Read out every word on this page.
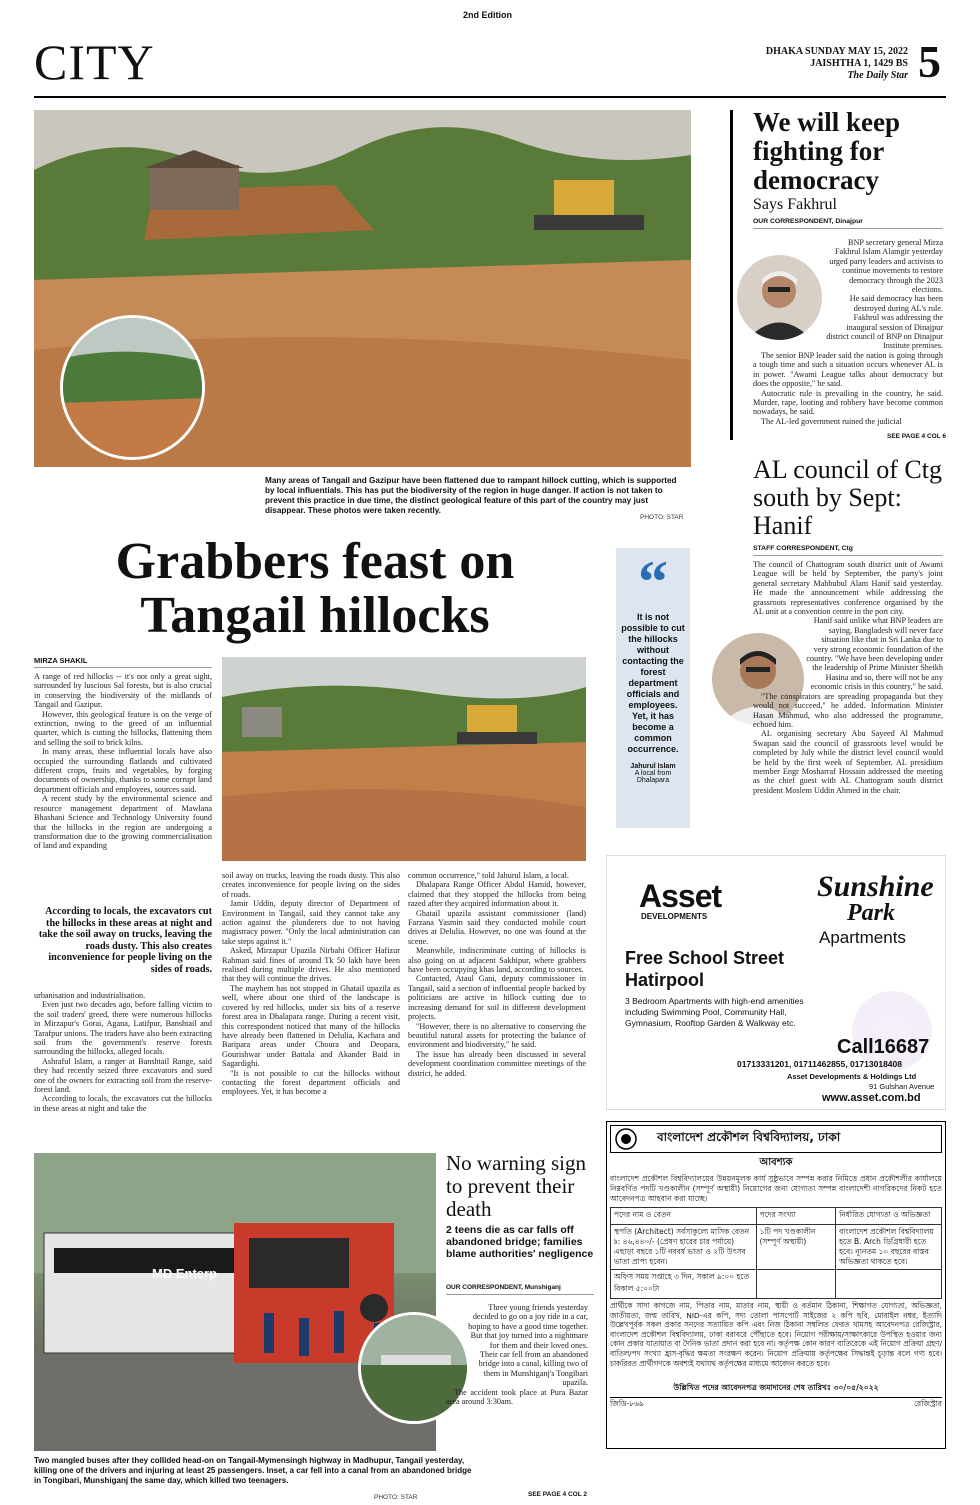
2nd Edition
CITY	DHAKA SUNDAY MAY 15, 2022
JAISHTHA 1, 1429 BS
The Daily Star 5
Many areas of Tangail and Gazipur have been flattened due to rampant hillock cutting, which is supported by local influentials. This has put the biodiversity of the region in huge danger. If action is not taken to prevent this practice in due time, the distinct geological feature of this part of the country may just disappear. These photos were taken recently.
PHOTO: STAR
Grabbers feast on Tangail hillocks
“
It is not possible to cut the hillocks without contacting the forest department officials and employees. Yet, it has become a common occurrence.
Jahurul Islam
A local from Dhalapara
MIRZA SHAKIL

A range of red hillocks -- it's not only a great sight, surrounded by luscious Sal forests, but is also crucial in conserving the biodiversity of the midlands of Tangail and Gazipur.

However, this geological feature is on the verge of extinction, owing to the greed of an influential quarter, which is cutting the hillocks, flattening them and selling the soil to brick kilns.

In many areas, these influential locals have also occupied the surrounding flatlands and cultivated different crops, fruits and vegetables, by forging documents of ownership, thanks to some corrupt land department officials and employees, sources said.

A recent study by the environmental science and resource management department of Mawlana Bhashani Science and Technology University found that the hillocks in the region are undergoing a transformation due to the growing commercialisation of land and expanding

According to locals, the excavators cut the hillocks in these areas at night and take the soil away on trucks, leaving the roads dusty. This also creates inconvenience for people living on the sides of roads.

urbanisation and industrialisation.

Even just two decades ago, before falling victim to the soil traders' greed, there were numerous hillocks in Mirzapur's Gorai, Agana, Latifpur, Banshtail and Tarafpur unions. The traders have also been extracting soil from the government's reserve forests surrounding the hillocks, alleged locals.

Ashraful Islam, a ranger at Banshtail Range, said they had recently seized three excavators and sued one of the owners for extracting soil from the reserve-forest land.

According to locals, the excavators cut the hillocks in these areas at night and take the

soil away on trucks, leaving the roads dusty. This also creates inconvenience for people living on the sides of roads.

Jamir Uddin, deputy director of Department of Environment in Tangail, said they cannot take any action against the plunderers due to not having magistracy power. "Only the local administration can take steps against it."

Asked, Mirzapur Upazila Nirbahi Officer Hafizur Rahman said fines of around Tk 50 lakh have been realised during multiple drives. He also mentioned that they will continue the drives.

The mayhem has not stopped in Ghatail upazila as well, where about one third of the landscape is covered by red hillocks, under six bits of a reserve forest area in Dhalapara range. During a recent visit, this correspondent noticed that many of the hillocks have already been flattened in Delulia, Kachara and Baripara areas under Choura and Deopara, Gourishwar under Battala and Akander Baid in Sagardighi.

"It is not possible to cut the hillocks without contacting the forest department officials and employees. Yet, it has become a

common occurrence," told Jahurul Islam, a local.

Dhalapara Range Officer Abdul Hamid, however, claimed that they stopped the hillocks from being razed after they acquired information about it.

Ghatail upazila assistant commissioner (land) Farzana Yasmin said they conducted mobile court drives at Delulia. However, no one was found at the scene.

Meanwhile, indiscriminate cutting of hillocks is also going on at adjacent Sakhipur, where grabbers have been occupying khas land, according to sources.

Contacted, Ataul Gani, deputy commissioner in Tangail, said a section of influential people backed by politicians are active in hillock cutting due to increasing demand for soil in different development projects.

"However, there is no alternative to conserving the beautiful natural assets for protecting the balance of environment and biodiversity," he said.

The issue has already been discussed in several development coordination committee meetings of the district, he added.

We will keep fighting for democracy
Says Fakhrul
OUR CORRESPONDENT, Dinajpur

BNP secretary general Mirza Fakhrul Islam Alamgir yesterday urged party leaders and activists to continue movements to restore democracy through the 2023 elections.

He said democracy has been destroyed during AL's rule.

Fakhrul was addressing the inaugural session of Dinajpur district council of BNP on Dinajpur Institute premises.

The senior BNP leader said the nation is going through a tough time and such a situation occurs whenever AL is in power. "Awami League talks about democracy but does the opposite," he said.

Autocratic rule is prevailing in the country, he said. Murder, rape, looting and robbery have become common nowadays, he said.

The AL-led government ruined the judicial

SEE PAGE 4 COL 6
AL council of Ctg south by Sept: Hanif
STAFF CORRESPONDENT, Ctg

The council of Chattogram south district unit of Awami League will be held by September, the party's joint general secretary Mahbubul Alam Hanif said yesterday. He made the announcement while addressing the grassroots representatives conference organised by the AL unit at a convention centre in the port city.

Hanif said unlike what BNP leaders are saying, Bangladesh will never face situation like that in Sri Lanka due to very strong economic foundation of the country. "We have been developing under the leadership of Prime Minister Sheikh Hasina and so, there will not be any economic crisis in this country," he said.

"The conspirators are spreading propaganda but they would not succeed," he added. Information Minister Hasan Mahmud, who also addressed the programme, echoed him.

AL organising secretary Abu Sayeed Al Mahmud Swapan said the council of grassroots level would be completed by July while the district level council would be held by the first week of September. AL presidium member Engr Mosharraf Hossain addressed the meeting as the chief guest with AL Chattogram south district president Moslem Uddin Ahmed in the chair.

Asset
DEVELOPMENTS
Sunshine
Park
Apartments
Free School Street
Hatirpool
3 Bedroom Apartments with high-end amenities including Swimming Pool, Community Hall, Gymnasium, Rooftop Garden & Walkway etc.
Call16687
01713331201, 01711462855, 01713018408
Asset Developments & Holdings Ltd
91 Gulshan Avenue
www.asset.com.bd
বাংলাদেশ প্রকৌশল বিশ্ববিদ্যালয়, ঢাকা
আবশ্যক
বাংলাদেশ প্রকৌশল বিশ্ববিদ্যালয়ের উন্নয়নমূলক কার্য সুষ্ঠুভাবে সম্পন্ন করার নিমিত্তে প্রধান প্রকৌশলীর কার্যালয়ে নিম্নবর্ণিত পদটি খণ্ডকালীন (সম্পূর্ণ অস্থায়ী) নিয়োগের জন্য যোগ্যতা সম্পন্ন বাংলাদেশী নাগরিকদের নিকট হতে আবেদনপত্র আহবান করা যাচ্ছে।
পদের নাম ও বেতন	পদের সংখ্যা	নির্ধারিত যোগ্যতা ও অভিজ্ঞতা
স্থপতি (Architect) সর্বসাকুল্যে মাসিক বেতন ৳: ৪৬,৪৪০/- (প্রেষণ হারের চার পর্যায়ে) এছাড়া বছরে ১টি নববর্ষ ভাতা ও ২টি উৎসব ভাতা প্রাপ্য হবেন।	১টি পদ খণ্ডকালীন (সম্পূর্ণ অস্থায়ী)	বাংলাদেশ প্রকৌশল বিশ্ববিদ্যালয় হতে B. Arch ডিগ্রিধারী হতে হবে। ন্যূনতম ১০ বছরের বাস্তব অভিজ্ঞতা থাকতে হবে।
অফিস সময় সপ্তাহে ৩ দিন, সকাল ৯:০০ হতে বিকাল ৫:০০টা		
প্রার্থীকে সাদা কাগজে নাম, পিতার নাম, মাতার নাম, স্থায়ী ও বর্তমান ঠিকানা, শিক্ষাগত যোগ্যতা, অভিজ্ঞতা, জাতীয়তা, জন্ম তারিখ, NID-এর কপি, সদ্য তোলা পাসপোর্ট সাইজের ২ কপি ছবি, মোবাইল নম্বর, ইত্যাদি উল্লেখপূর্বক সকল প্রকার সনদের সত্যায়িত কপি এবং নিজ ঠিকানা সম্বলিত ফেরত খামসহ আবেদনপত্র রেজিস্ট্রার, বাংলাদেশ প্রকৌশল বিশ্ববিদ্যালয়, ঢাকা বরাবরে পৌঁছাতে হবে। নিয়োগ পরীক্ষায়/সাক্ষাৎকারে উপস্থিত হওয়ার জন্য কোন প্রকার যাতায়াত বা দৈনিক ভাতা প্রদান করা হবে না। কর্তৃপক্ষ কোন কারণ ব্যতিরেকে এই নিয়োগ প্রক্রিয়া গ্রহণ/বাতিল/পদ সংখ্যা হ্রাস-বৃদ্ধির ক্ষমতা সংরক্ষণ করেন। নিয়োগ প্রক্রিয়ায় কর্তৃপক্ষের সিদ্ধান্তই চূড়ান্ত বলে গণ্য হবে। চাকরিরত প্রার্থীগণকে অবশ্যই যথাযথ কর্তৃপক্ষের মাধ্যমে আবেদন করতে হবে।
উল্লিখিত পদের আবেদনপত্র জমাদানের শেষ তারিখঃ ৩০/০৫/২০২২
জিডি-৮৬৯	রেজিস্ট্রার
MD Enterp
Two mangled buses after they collided head-on on Tangail-Mymensingh highway in Madhupur, Tangail yesterday, killing one of the drivers and injuring at least 25 passengers. Inset, a car fell into a canal from an abandoned bridge in Tongibari, Munshiganj the same day, which killed two teenagers.
PHOTO: STAR
No warning sign to prevent their death
2 teens die as car falls off abandoned bridge; families blame authorities' negligence
OUR CORRESPONDENT, Munshiganj

Three young friends yesterday decided to go on a joy ride in a car, hoping to have a good time together. But that joy turned into a nightmare for them and their loved ones.

Their car fell from an abandoned bridge into a canal, killing two of them in Munshiganj's Tongibari upazila.

The accident took place at Pura Bazar area around 3:30am.

SEE PAGE 4 COL 2
